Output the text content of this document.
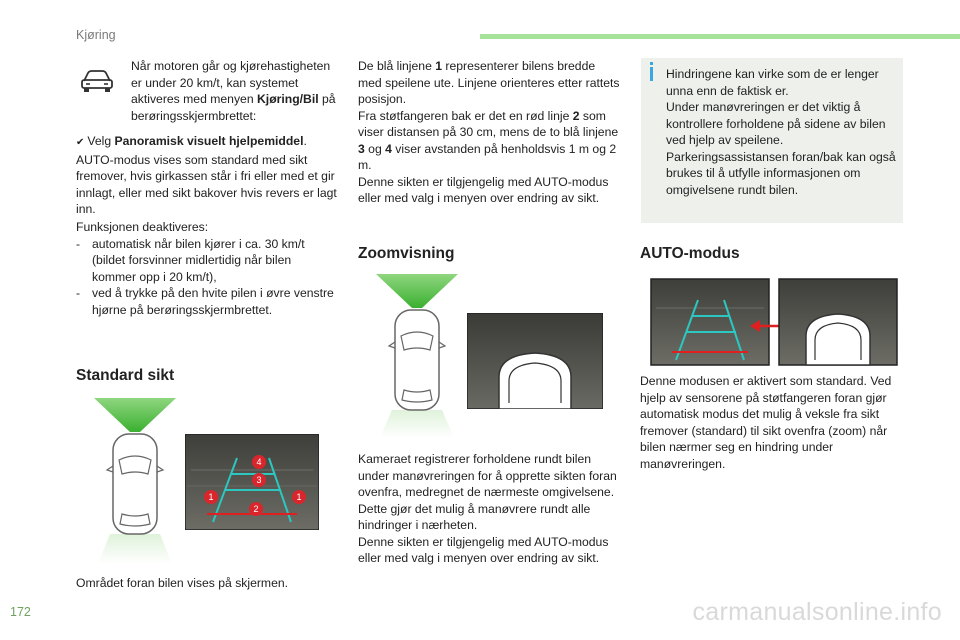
Kjøring

Når motoren går og kjørehastigheten er under 20 km/t, kan systemet aktiveres med menyen Kjøring/Bil på berøringsskjermbrettet:

✔ Velg Panoramisk visuelt hjelpemiddel. AUTO-modus vises som standard med sikt fremover, hvis girkassen står i fri eller med et gir innlagt, eller med sikt bakover hvis revers er lagt inn.

Funksjonen deaktiveres:

- automatisk når bilen kjører i ca. 30 km/t (bildet forsvinner midlertidig når bilen kommer opp i 20 km/t),
- ved å trykke på den hvite pilen i øvre venstre hjørne på berøringsskjermbrettet.
Standard sikt
4
3
1	1
2

Området foran bilen vises på skjermen.

De blå linjene 1 representerer bilens bredde med speilene ute. Linjene orienteres etter rattets posisjon.

Fra støtfangeren bak er det en rød linje 2 som viser distansen på 30 cm, mens de to blå linjene 3 og 4 viser avstanden på henholdsvis 1 m og 2 m.

Denne sikten er tilgjengelig med AUTO-modus eller med valg i menyen over endring av sikt.

Zoomvisning

Kameraet registrerer forholdene rundt bilen under manøvreringen for å opprette sikten foran ovenfra, medregnet de nærmeste omgivelsene. Dette gjør det mulig å manøvrere rundt alle hindringer i nærheten.

Denne sikten er tilgjengelig med AUTO-modus eller med valg i menyen over endring av sikt.

Hindringene kan virke som de er lenger unna enn de faktisk er.

Under manøvreringen er det viktig å kontrollere forholdene på sidene av bilen ved hjelp av speilene.

Parkeringsassistansen foran/bak kan også brukes til å utfylle informasjonen om omgivelsene rundt bilen.

AUTO-modus

Denne modusen er aktivert som standard. Ved hjelp av sensorene på støtfangeren foran gjør automatisk modus det mulig å veksle fra sikt fremover (standard) til sikt ovenfra (zoom) når bilen nærmer seg en hindring under manøvreringen.

172	carmanualsonline.info
